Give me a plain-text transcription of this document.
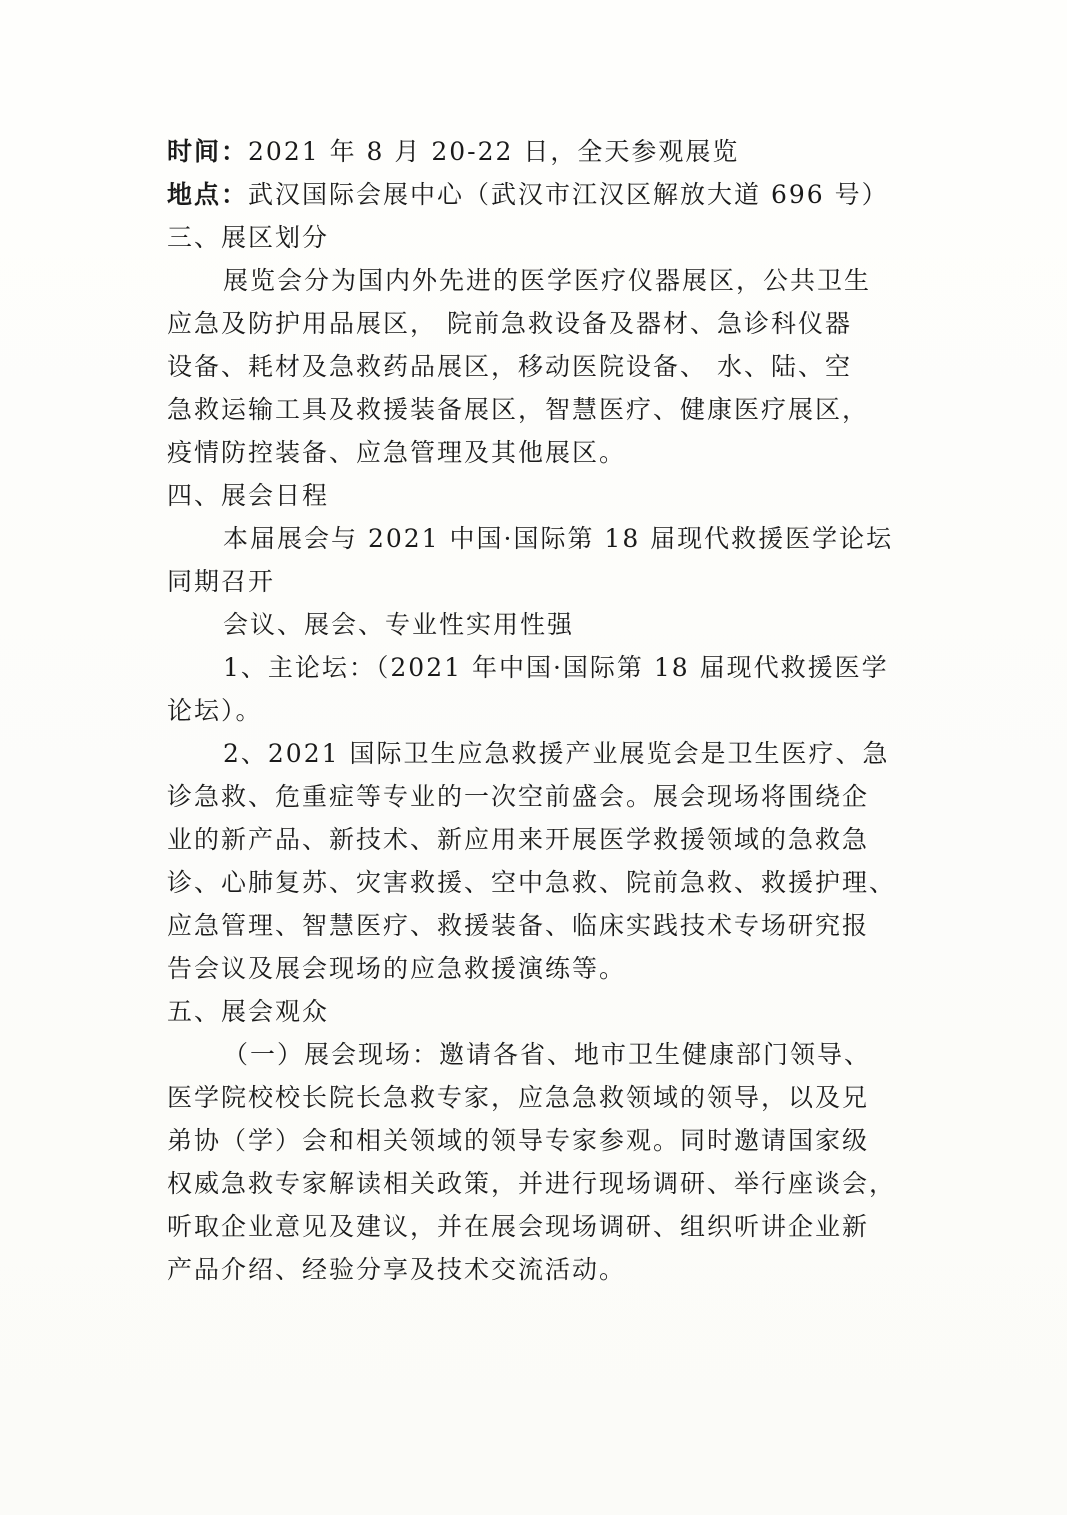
时间：2021 年 8 月 20-22 日，全天参观展览
地点：武汉国际会展中心（武汉市江汉区解放大道 696 号）
三、展区划分
展览会分为国内外先进的医学医疗仪器展区，公共卫生
应急及防护用品展区， 院前急救设备及器材、急诊科仪器
设备、耗材及急救药品展区，移动医院设备、 水、陆、空
急救运输工具及救援装备展区，智慧医疗、健康医疗展区，
疫情防控装备、应急管理及其他展区。
四、展会日程
本届展会与 2021 中国·国际第 18 届现代救援医学论坛
同期召开
会议、展会、专业性实用性强
1、主论坛：（2021 年中国·国际第 18 届现代救援医学
论坛）。
2、2021 国际卫生应急救援产业展览会是卫生医疗、急
诊急救、危重症等专业的一次空前盛会。展会现场将围绕企
业的新产品、新技术、新应用来开展医学救援领域的急救急
诊、心肺复苏、灾害救援、空中急救、院前急救、救援护理、
应急管理、智慧医疗、救援装备、临床实践技术专场研究报
告会议及展会现场的应急救援演练等。
五、展会观众
（一）展会现场：邀请各省、地市卫生健康部门领导、
医学院校校长院长急救专家，应急急救领域的领导，以及兄
弟协（学）会和相关领域的领导专家参观。同时邀请国家级
权威急救专家解读相关政策，并进行现场调研、举行座谈会，
听取企业意见及建议，并在展会现场调研、组织听讲企业新
产品介绍、经验分享及技术交流活动。
